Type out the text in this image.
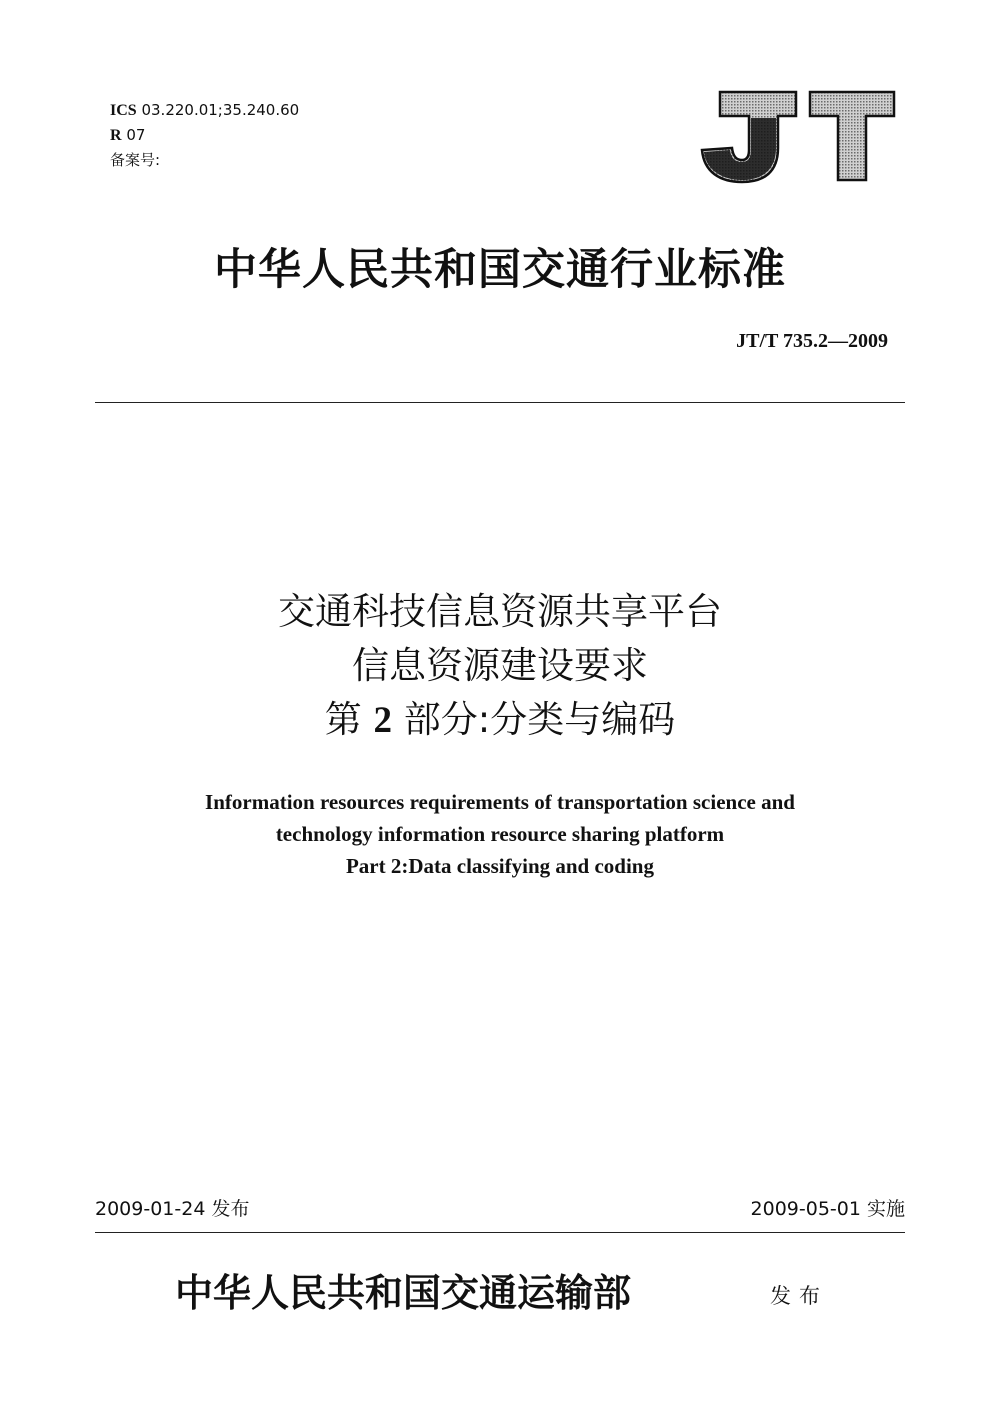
ICS 03.220.01;35.240.60
R 07
备案号:
中华人民共和国交通行业标准
JT/T 735.2—2009
交通科技信息资源共享平台
信息资源建设要求
第 2 部分:分类与编码
Information resources requirements of transportation science and
technology information resource sharing platform
Part 2:Data classifying and coding
2009-01-24 发布	2009-05-01 实施
中华人民共和国交通运输部	发布
